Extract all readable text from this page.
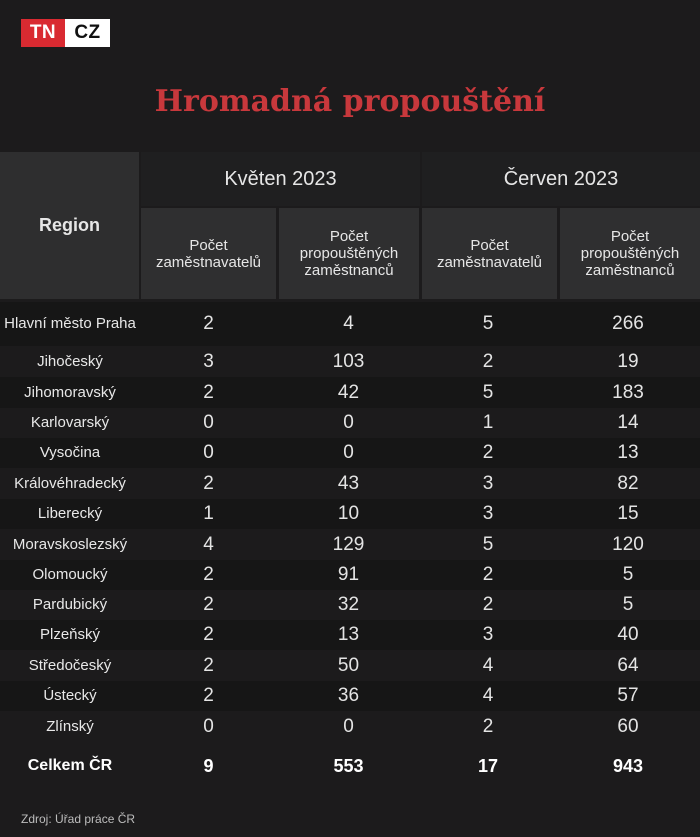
TN CZ
Hromadná propouštění
Region
Květen 2023	Červen 2023
Počet zaměstnavatelů
Počet propouštěných zaměstnanců
Počet zaměstnavatelů
Počet propouštěných zaměstnanců
Hlavní město Praha	2	4	5	266
Jihočeský	3	103	2	19
Jihomoravský	2	42	5	183
Karlovarský	0	0	1	14
Vysočina	0	0	2	13
Královéhradecký	2	43	3	82
Liberecký	1	10	3	15
Moravskoslezský	4	129	5	120
Olomoucký	2	91	2	5
Pardubický	2	32	2	5
Plzeňský	2	13	3	40
Středočeský	2	50	4	64
Ústecký	2	36	4	57
Zlínský	0	0	2	60
Celkem ČR	9	553	17	943
Zdroj: Úřad práce ČR
